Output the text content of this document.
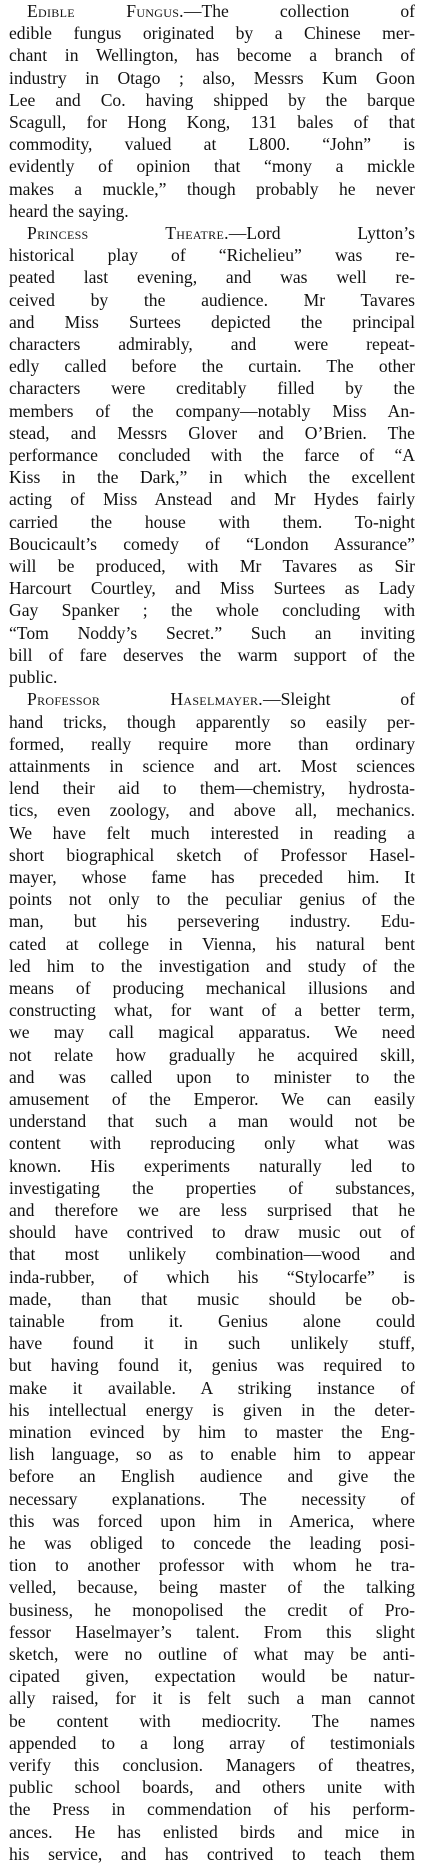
Edible Fungus.—The collection of
edible fungus originated by a Chinese mer-
chant in Wellington, has become a branch of
industry in Otago ; also, Messrs Kum Goon
Lee and Co. having shipped by the barque
Scagull, for Hong Kong, 131 bales of that
commodity, valued at L800. “John” is
evidently of opinion that “mony a mickle
makes a muckle,” though probably he never
heard the saying.

Princess Theatre.—Lord Lytton’s
historical play of “Richelieu” was re-
peated last evening, and was well re-
ceived by the audience. Mr Tavares
and Miss Surtees depicted the principal
characters admirably, and were repeat-
edly called before the curtain. The other
characters were creditably filled by the
members of the company—notably Miss An-
stead, and Messrs Glover and O’Brien. The
performance concluded with the farce of “A
Kiss in the Dark,” in which the excellent
acting of Miss Anstead and Mr Hydes fairly
carried the house with them. To-night
Boucicault’s comedy of “London Assurance”
will be produced, with Mr Tavares as Sir
Harcourt Courtley, and Miss Surtees as Lady
Gay Spanker ; the whole concluding with
“Tom Noddy’s Secret.” Such an inviting
bill of fare deserves the warm support of the
public.

Professor Haselmayer.—Sleight of
hand tricks, though apparently so easily per-
formed, really require more than ordinary
attainments in science and art. Most sciences
lend their aid to them—chemistry, hydrosta-
tics, even zoology, and above all, mechanics.
We have felt much interested in reading a
short biographical sketch of Professor Hasel-
mayer, whose fame has preceded him. It
points not only to the peculiar genius of the
man, but his persevering industry. Edu-
cated at college in Vienna, his natural bent
led him to the investigation and study of the
means of producing mechanical illusions and
constructing what, for want of a better term,
we may call magical apparatus. We need
not relate how gradually he acquired skill,
and was called upon to minister to the
amusement of the Emperor. We can easily
understand that such a man would not be
content with reproducing only what was
known. His experiments naturally led to
investigating the properties of substances,
and therefore we are less surprised that he
should have contrived to draw music out of
that most unlikely combination—wood and
inda-rubber, of which his “Stylocarfe” is
made, than that music should be ob-
tainable from it. Genius alone could
have found it in such unlikely stuff,
but having found it, genius was required to
make it available. A striking instance of
his intellectual energy is given in the deter-
mination evinced by him to master the Eng-
lish language, so as to enable him to appear
before an English audience and give the
necessary explanations. The necessity of
this was forced upon him in America, where
he was obliged to concede the leading posi-
tion to another professor with whom he tra-
velled, because, being master of the talking
business, he monopolised the credit of Pro-
fessor Haselmayer’s talent. From this slight
sketch, were no outline of what may be anti-
cipated given, expectation would be natur-
ally raised, for it is felt such a man cannot
be content with mediocrity. The names
appended to a long array of testimonials
verify this conclusion. Managers of theatres,
public school boards, and others unite with
the Press in commendation of his perform-
ances. He has enlisted birds and mice in
his service, and has contrived to teach them
